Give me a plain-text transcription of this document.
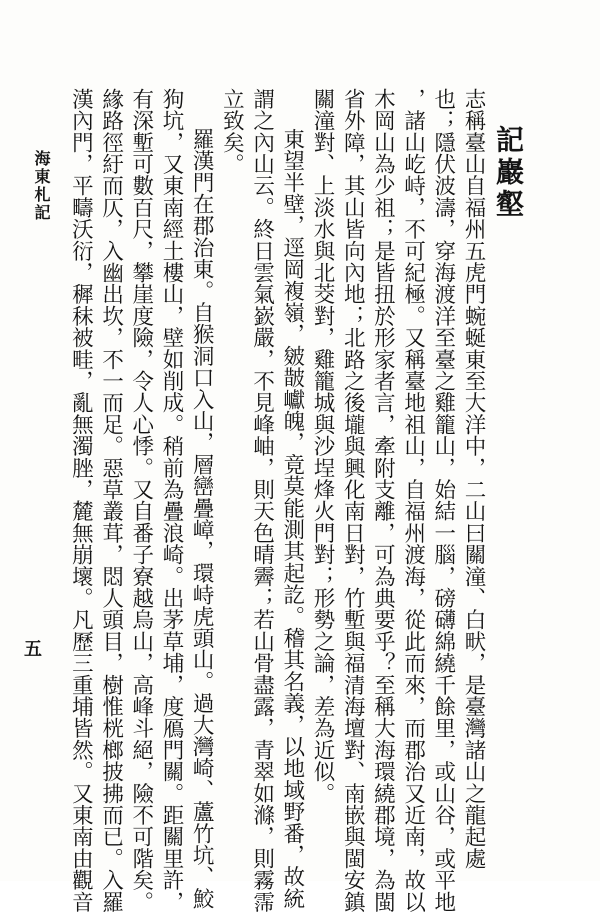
記巖壑
志稱臺山自福州五虎門蜿蜒東至大洋中，二山曰關潼、白畎，是臺灣諸山之龍起處
也；隱伏波濤，穿海渡洋至臺之雞籠山，始結一腦，磅礴綿繞千餘里，或山谷，或平地
，諸山屹峙，不可紀極。又稱臺地祖山，自福州渡海，從此而來，而郡治又近南，故以
木岡山為少祖；是皆扭於形家者言，牽附支離，可為典要乎？至稱大海環繞郡境，為閩
省外障，其山皆向內地；北路之後壠與興化南日對，竹塹與福清海壇對、南嵌與閩安鎮
關潼對、上淡水與北茭對，雞籠城與沙埕烽火門對；形勢之論，差為近似。
東望半壁，逕岡複嶺，皴皵巘魄，竟莫能測其起訖。稽其名義，以地域野番，故統
謂之內山云。終日雲氣嶔嚴，不見峰岫，則天色晴霽；若山骨盡露，青翠如滌，則霧霈
立致矣。
羅漢門在郡治東。自猴洞口入山，層巒疊嶂，環峙虎頭山。過大灣崎、蘆竹坑、鮫
狗坑，又東南經土樓山，壁如削成。稍前為疊浪崎。出茅草埔，度鴈門關。距關里許，
有深塹可數百尺，攀崖度險，令人心悸。又自番子寮越烏山，高峰斗絕，險不可階矣。
緣路徑紆而仄，入幽出坎，不一而足。惡草叢茸，悶人頭目，樹惟桄榔披拂而已。入羅
漢內門，平疇沃衍，穉秣被畦，亂無濁脞，麓無崩壞。凡歷三重埔皆然。又東南由觀音
海東札記
五
